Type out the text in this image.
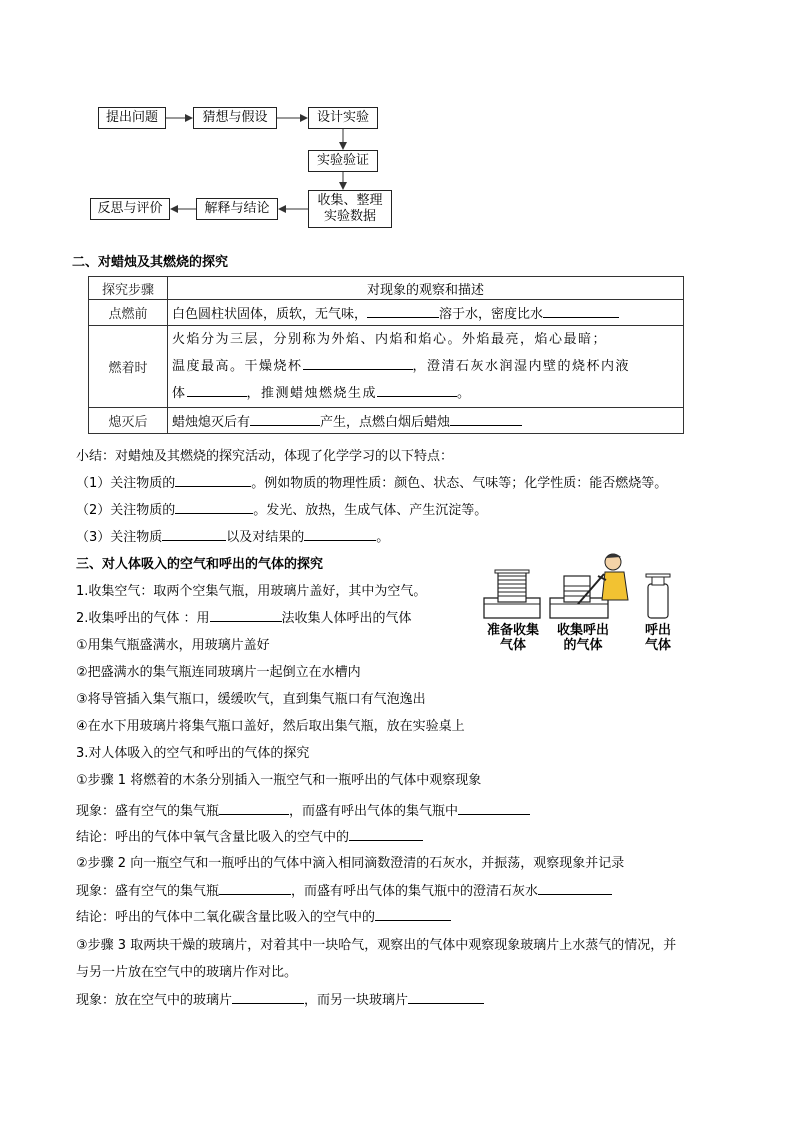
提出问题	猜想与假设	设计实验
实验验证
收集、整理
实验数据
解释与结论
反思与评价
二、对蜡烛及其燃烧的探究
探究步骤	对现象的观察和描述
点燃前	白色圆柱状固体，质软，无气味， 溶于水，密度比水
燃着时	火焰分为三层，分别称为外焰、内焰和焰心。外焰最亮，焰心最暗；
温度最高。干燥烧杯 ，澄清石灰水润湿内壁的烧杯内液
体 ，推测蜡烛燃烧生成 。

熄灭后	蜡烛熄灭后有 产生，点燃白烟后蜡烛
小结：对蜡烛及其燃烧的探究活动，体现了化学学习的以下特点：
（1）关注物质的	。例如物质的物理性质：颜色、状态、气味等；化学性质：能否燃烧等。
（2）关注物质的	。发光、放热，生成气体、产生沉淀等。
（3）关注物质	以及对结果的	。
三、对人体吸入的空气和呼出的气体的探究
1.收集空气：取两个空集气瓶，用玻璃片盖好，其中为空气。
2.收集呼出的气体 ：用	法收集人体呼出的气体
①用集气瓶盛满水，用玻璃片盖好
②把盛满水的集气瓶连同玻璃片一起倒立在水槽内
③将导管插入集气瓶口，缓缓吹气，直到集气瓶口有气泡逸出
④在水下用玻璃片将集气瓶口盖好，然后取出集气瓶，放在实验桌上
3.对人体吸入的空气和呼出的气体的探究
①步骤 1 将燃着的木条分别插入一瓶空气和一瓶呼出的气体中观察现象
现象：盛有空气的集气瓶	，而盛有呼出气体的集气瓶中
结论：呼出的气体中氧气含量比吸入的空气中的
②步骤 2 向一瓶空气和一瓶呼出的气体中滴入相同滴数澄清的石灰水，并振荡，观察现象并记录
现象：盛有空气的集气瓶	，而盛有呼出气体的集气瓶中的澄清石灰水
结论：呼出的气体中二氧化碳含量比吸入的空气中的
③步骤 3 取两块干燥的玻璃片，对着其中一块哈气，观察出的气体中观察现象玻璃片上水蒸气的情况，并
与另一片放在空气中的玻璃片作对比。
现象：放在空气中的玻璃片	，而另一块玻璃片
准备收集
气体
收集呼出
的气体
呼出
气体
